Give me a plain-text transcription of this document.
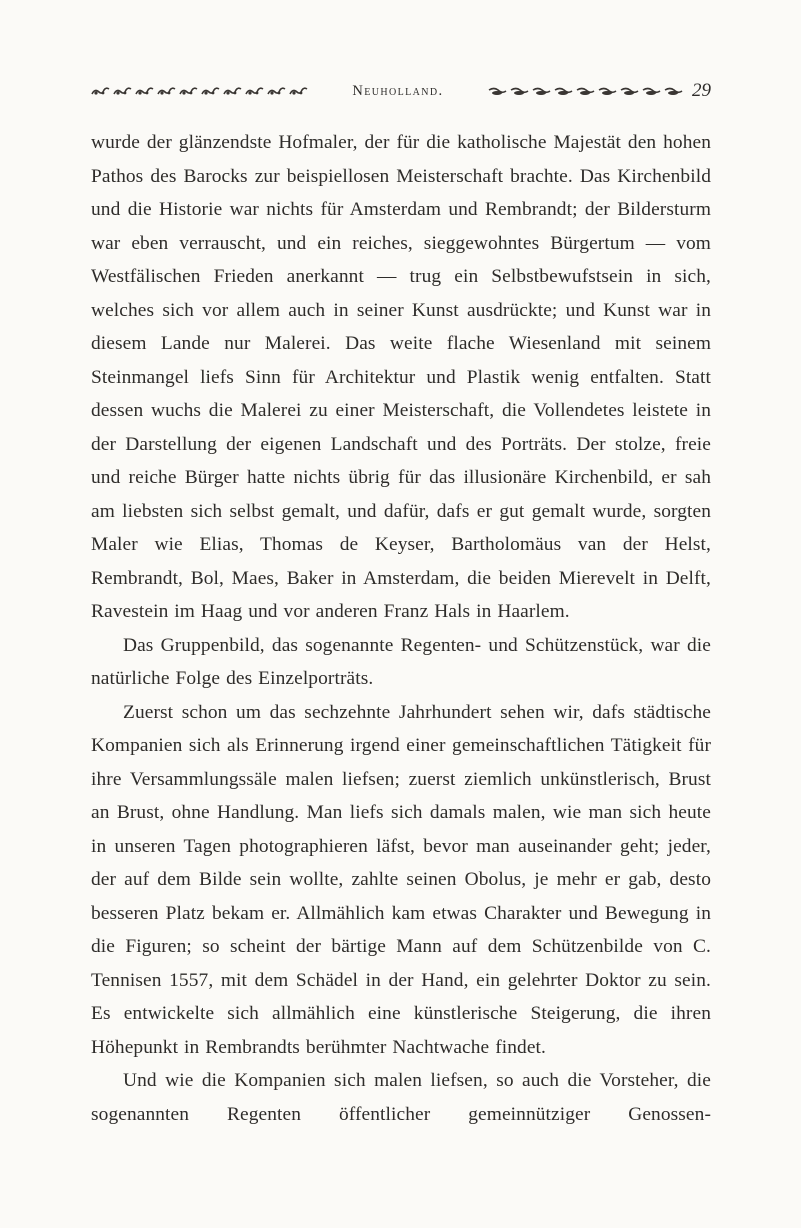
Neuholland.	29

wurde der glänzendste Hofmaler, der für die katholische Majestät den hohen Pathos des Barocks zur beispiellosen Meisterschaft brachte. Das Kirchenbild und die Historie war nichts für Amsterdam und Rembrandt; der Bildersturm war eben verrauscht, und ein reiches, sieggewohntes Bürgertum — vom Westfälischen Frieden anerkannt — trug ein Selbstbewufstsein in sich, welches sich vor allem auch in seiner Kunst ausdrückte; und Kunst war in diesem Lande nur Malerei. Das weite flache Wiesenland mit seinem Steinmangel liefs Sinn für Architektur und Plastik wenig entfalten. Statt dessen wuchs die Malerei zu einer Meisterschaft, die Vollendetes leistete in der Darstellung der eigenen Landschaft und des Porträts. Der stolze, freie und reiche Bürger hatte nichts übrig für das illusionäre Kirchenbild, er sah am liebsten sich selbst gemalt, und dafür, dafs er gut gemalt wurde, sorgten Maler wie Elias, Thomas de Keyser, Bartholomäus van der Helst, Rembrandt, Bol, Maes, Baker in Amsterdam, die beiden Mierevelt in Delft, Ravestein im Haag und vor anderen Franz Hals in Haarlem.

Das Gruppenbild, das sogenannte Regenten- und Schützenstück, war die natürliche Folge des Einzelporträts.

Zuerst schon um das sechzehnte Jahrhundert sehen wir, dafs städtische Kompanien sich als Erinnerung irgend einer gemeinschaftlichen Tätigkeit für ihre Versammlungssäle malen liefsen; zuerst ziemlich unkünstlerisch, Brust an Brust, ohne Handlung. Man liefs sich damals malen, wie man sich heute in unseren Tagen photographieren läfst, bevor man auseinander geht; jeder, der auf dem Bilde sein wollte, zahlte seinen Obolus, je mehr er gab, desto besseren Platz bekam er. Allmählich kam etwas Charakter und Bewegung in die Figuren; so scheint der bärtige Mann auf dem Schützenbilde von C. Tennisen 1557, mit dem Schädel in der Hand, ein gelehrter Doktor zu sein. Es entwickelte sich allmählich eine künstlerische Steigerung, die ihren Höhepunkt in Rembrandts berühmter Nachtwache findet.

Und wie die Kompanien sich malen liefsen, so auch die Vorsteher, die sogenannten Regenten öffentlicher gemeinnütziger Genossen-
